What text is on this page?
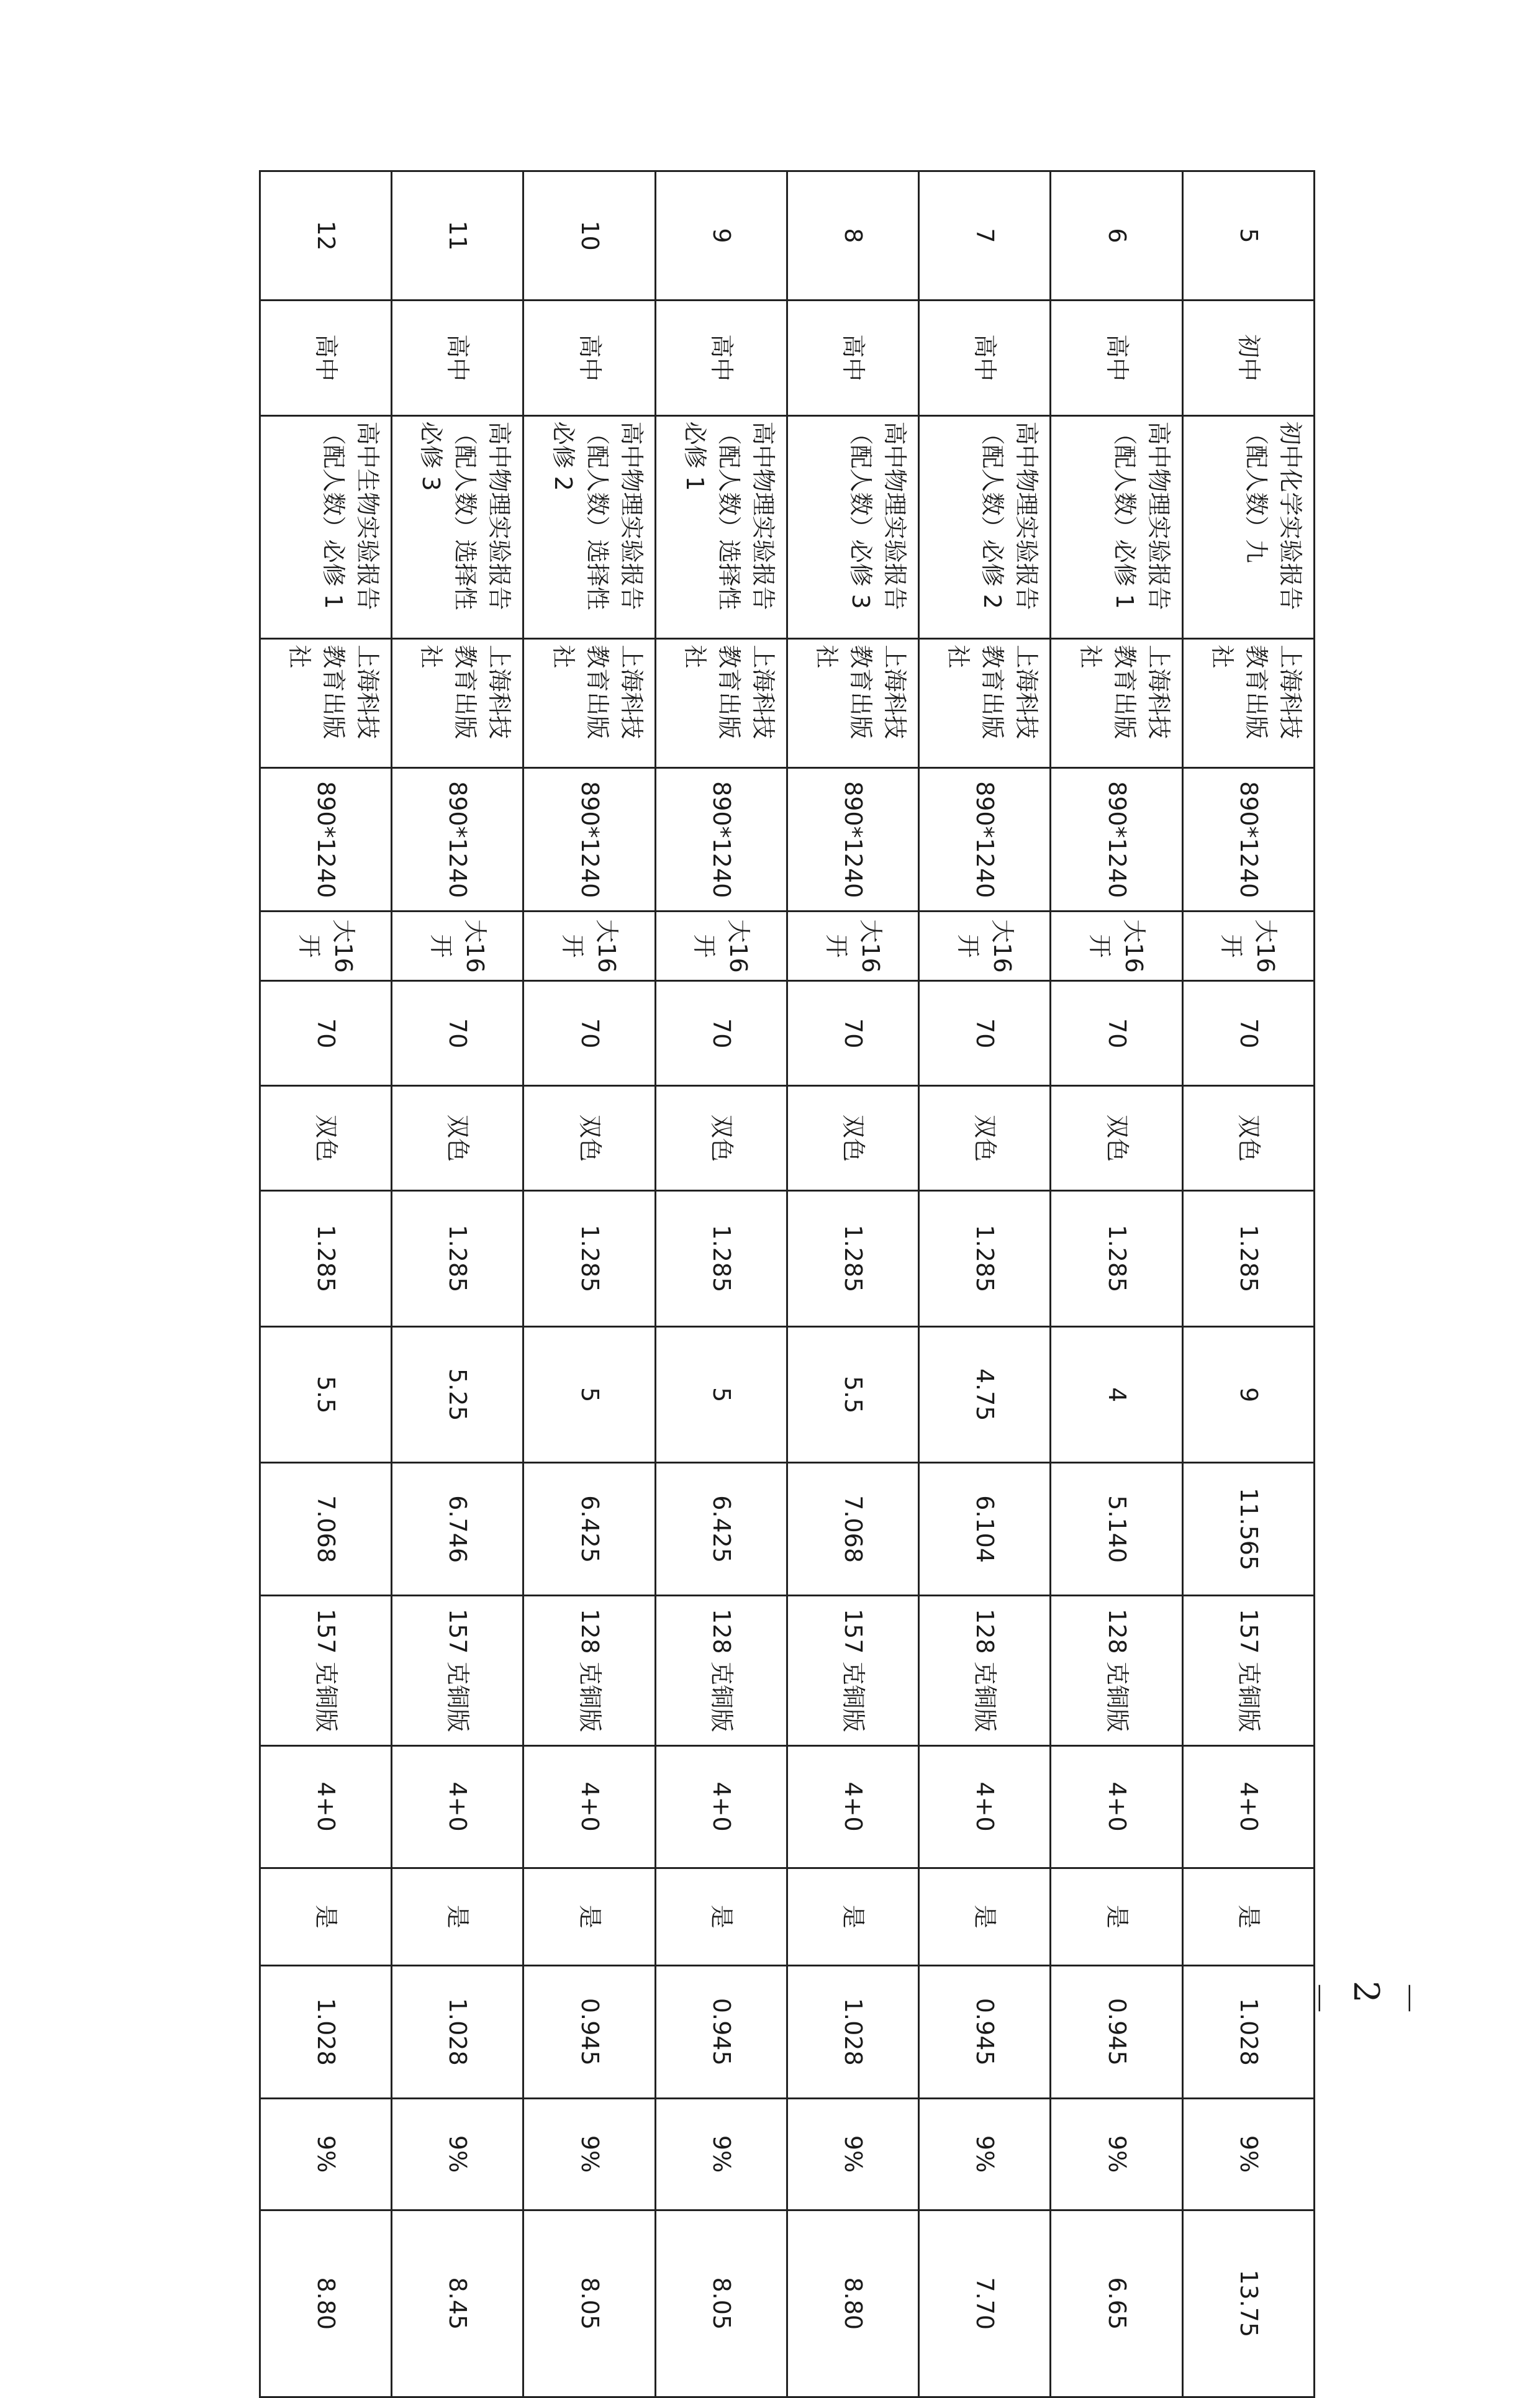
5	初中	初中化学实验报告（配人数）九	上海科技教育出版社	890*1240	大16开	70	双色	1.285	9	11.565	157 克铜版	4+0	是	1.028	9%	13.75
6	高中	高中物理实验报告（配人数）必修 1	上海科技教育出版社	890*1240	大16开	70	双色	1.285	4	5.140	128 克铜版	4+0	是	0.945	9%	6.65
7	高中	高中物理实验报告（配人数）必修 2	上海科技教育出版社	890*1240	大16开	70	双色	1.285	4.75	6.104	128 克铜版	4+0	是	0.945	9%	7.70
8	高中	高中物理实验报告（配人数）必修 3	上海科技教育出版社	890*1240	大16开	70	双色	1.285	5.5	7.068	157 克铜版	4+0	是	1.028	9%	8.80
9	高中	高中物理实验报告（配人数）选择性必修 1	上海科技教育出版社	890*1240	大16开	70	双色	1.285	5	6.425	128 克铜版	4+0	是	0.945	9%	8.05
10	高中	高中物理实验报告（配人数）选择性必修 2	上海科技教育出版社	890*1240	大16开	70	双色	1.285	5	6.425	128 克铜版	4+0	是	0.945	9%	8.05
11	高中	高中物理实验报告（配人数）选择性必修 3	上海科技教育出版社	890*1240	大16开	70	双色	1.285	5.25	6.746	157 克铜版	4+0	是	1.028	9%	8.45
12	高中	高中生物实验报告（配人数）必修 1	上海科技教育出版社	890*1240	大16开	70	双色	1.285	5.5	7.068	157 克铜版	4+0	是	1.028	9%	8.80
－ 2 －
